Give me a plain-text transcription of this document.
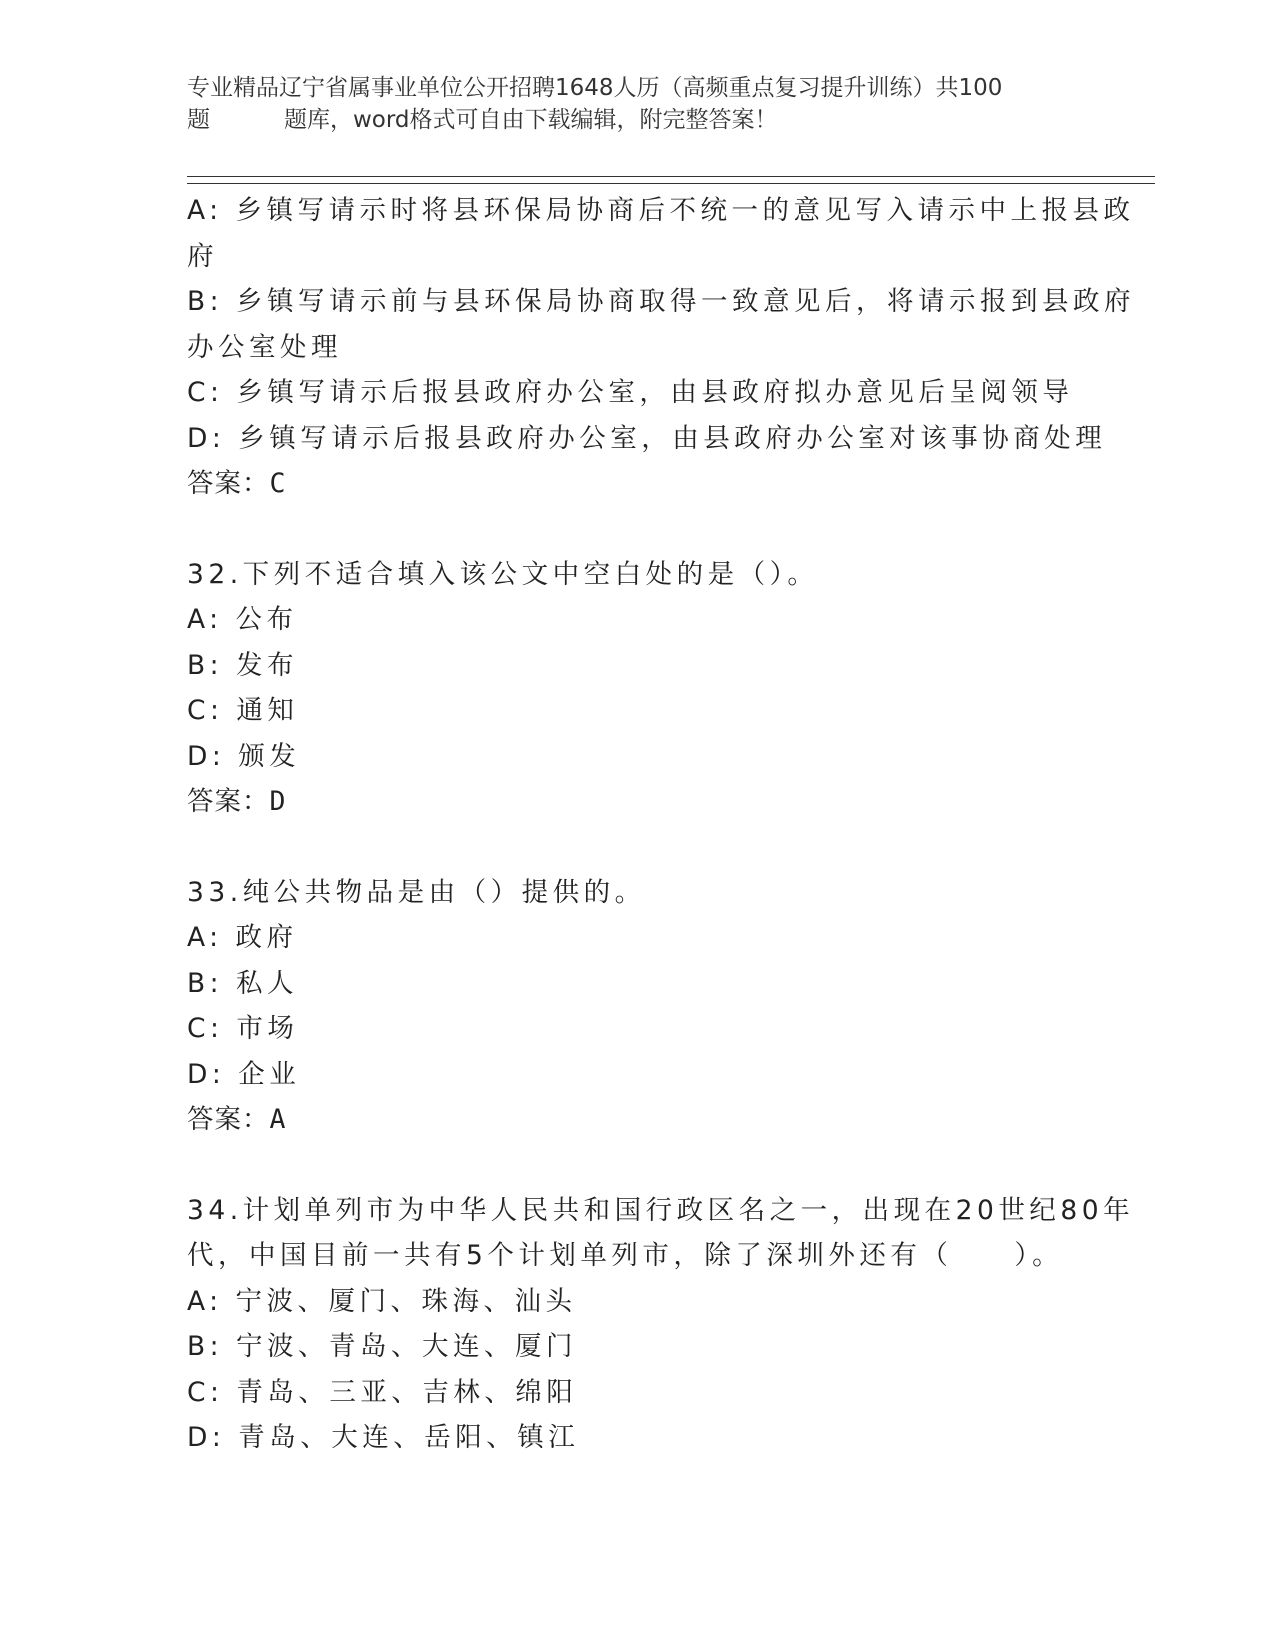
专业精品辽宁省属事业单位公开招聘1648人历（高频重点复习提升训练）共100
题	题库，word格式可自由下载编辑，附完整答案！
A: 乡镇写请示时将县环保局协商后不统一的意见写入请示中上报县政
府
B: 乡镇写请示前与县环保局协商取得一致意见后，将请示报到县政府
办公室处理
C: 乡镇写请示后报县政府办公室，由县政府拟办意见后呈阅领导
D: 乡镇写请示后报县政府办公室，由县政府办公室对该事协商处理
答案：C
32.下列不适合填入该公文中空白处的是（）。
A: 公布
B: 发布
C: 通知
D: 颁发
答案：D
33.纯公共物品是由（）提供的。
A: 政府
B: 私人
C: 市场
D: 企业
答案：A
34.计划单列市为中华人民共和国行政区名之一，出现在20世纪80年
代，中国目前一共有5个计划单列市，除了深圳外还有（　　）。
A: 宁波、厦门、珠海、汕头
B: 宁波、青岛、大连、厦门
C: 青岛、三亚、吉林、绵阳
D: 青岛、大连、岳阳、镇江
